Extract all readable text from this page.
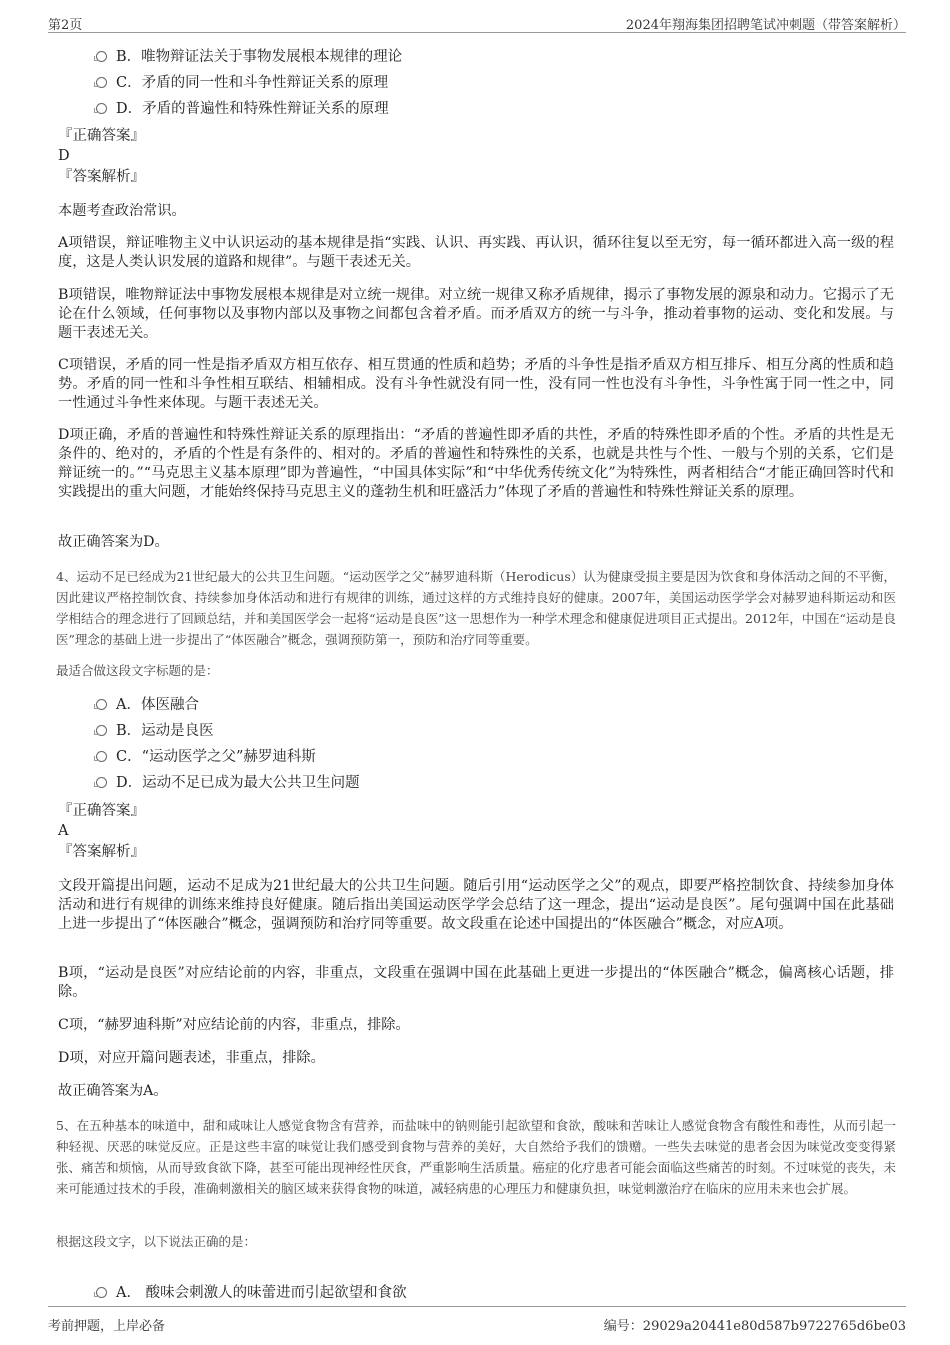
第2页	2024年翔海集团招聘笔试冲刺题（带答案解析）
B．唯物辩证法关于事物发展根本规律的理论
C．矛盾的同一性和斗争性辩证关系的原理
D．矛盾的普遍性和特殊性辩证关系的原理
『正确答案』
D
『答案解析』
本题考查政治常识。
A项错误，辩证唯物主义中认识运动的基本规律是指“实践、认识、再实践、再认识，循环往复以至无穷，每一循环都进入高一级的程度，这是人类认识发展的道路和规律”。与题干表述无关。
B项错误，唯物辩证法中事物发展根本规律是对立统一规律。对立统一规律又称矛盾规律，揭示了事物发展的源泉和动力。它揭示了无论在什么领域，任何事物以及事物内部以及事物之间都包含着矛盾。而矛盾双方的统一与斗争，推动着事物的运动、变化和发展。与题干表述无关。
C项错误，矛盾的同一性是指矛盾双方相互依存、相互贯通的性质和趋势；矛盾的斗争性是指矛盾双方相互排斥、相互分离的性质和趋势。矛盾的同一性和斗争性相互联结、相辅相成。没有斗争性就没有同一性，没有同一性也没有斗争性，斗争性寓于同一性之中，同一性通过斗争性来体现。与题干表述无关。
D项正确，矛盾的普遍性和特殊性辩证关系的原理指出：“矛盾的普遍性即矛盾的共性，矛盾的特殊性即矛盾的个性。矛盾的共性是无条件的、绝对的，矛盾的个性是有条件的、相对的。矛盾的普遍性和特殊性的关系，也就是共性与个性、一般与个别的关系，它们是辩证统一的。”“马克思主义基本原理”即为普遍性，“中国具体实际”和“中华优秀传统文化”为特殊性，两者相结合“才能正确回答时代和实践提出的重大问题，才能始终保持马克思主义的蓬勃生机和旺盛活力”体现了矛盾的普遍性和特殊性辩证关系的原理。
故正确答案为D。
4、运动不足已经成为21世纪最大的公共卫生问题。“运动医学之父”赫罗迪科斯（Herodicus）认为健康受损主要是因为饮食和身体活动之间的不平衡，因此建议严格控制饮食、持续参加身体活动和进行有规律的训练，通过这样的方式维持良好的健康。2007年，美国运动医学学会对赫罗迪科斯运动和医学相结合的理念进行了回顾总结，并和美国医学会一起将“运动是良医”这一思想作为一种学术理念和健康促进项目正式提出。2012年，中国在“运动是良医”理念的基础上进一步提出了“体医融合”概念，强调预防第一，预防和治疗同等重要。
最适合做这段文字标题的是：
A．体医融合
B．运动是良医
C．“运动医学之父”赫罗迪科斯
D．运动不足已成为最大公共卫生问题
『正确答案』
A
『答案解析』
文段开篇提出问题，运动不足成为21世纪最大的公共卫生问题。随后引用“运动医学之父”的观点，即要严格控制饮食、持续参加身体活动和进行有规律的训练来维持良好健康。随后指出美国运动医学学会总结了这一理念，提出“运动是良医”。尾句强调中国在此基础上进一步提出了“体医融合”概念，强调预防和治疗同等重要。故文段重在论述中国提出的“体医融合”概念，对应A项。
B项，“运动是良医”对应结论前的内容，非重点，文段重在强调中国在此基础上更进一步提出的“体医融合”概念，偏离核心话题，排除。
C项，“赫罗迪科斯”对应结论前的内容，非重点，排除。
D项，对应开篇问题表述，非重点，排除。
故正确答案为A。
5、在五种基本的味道中，甜和咸味让人感觉食物含有营养，而盐味中的钠则能引起欲望和食欲，酸味和苦味让人感觉食物含有酸性和毒性，从而引起一种轻视、厌恶的味觉反应。正是这些丰富的味觉让我们感受到食物与营养的美好，大自然给予我们的馈赠。一些失去味觉的患者会因为味觉改变变得紧张、痛苦和烦恼，从而导致食欲下降，甚至可能出现神经性厌食，严重影响生活质量。癌症的化疗患者可能会面临这些痛苦的时刻。不过味觉的丧失，未来可能通过技术的手段，准确刺激相关的脑区域来获得食物的味道，减轻病患的心理压力和健康负担，味觉刺激治疗在临床的应用未来也会扩展。
根据这段文字，以下说法正确的是：
A． 酸味会刺激人的味蕾进而引起欲望和食欲
考前押题，上岸必备	编号：29029a20441e80d587b9722765d6be03
